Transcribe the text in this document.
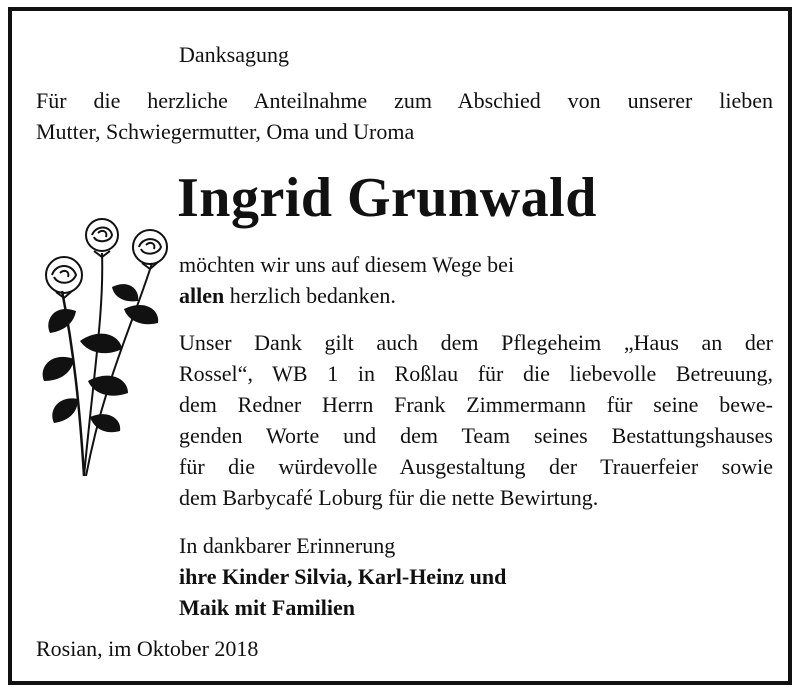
Danksagung

Für die herzliche Anteilnahme zum Abschied von unserer lieben
Mutter, Schwiegermutter, Oma und Uroma

Ingrid Grunwald

möchten wir uns auf diesem Wege bei
allen herzlich bedanken.

Unser Dank gilt auch dem Pflegeheim „Haus an der
Rossel“, WB 1 in Roßlau für die liebevolle Betreuung,
dem Redner Herrn Frank Zimmermann für seine bewe-
genden Worte und dem Team seines Bestattungshauses
für die würdevolle Ausgestaltung der Trauerfeier sowie
dem Barbycafé Loburg für die nette Bewirtung.

In dankbarer Erinnerung
ihre Kinder Silvia, Karl-Heinz und
Maik mit Familien

Rosian, im Oktober 2018
